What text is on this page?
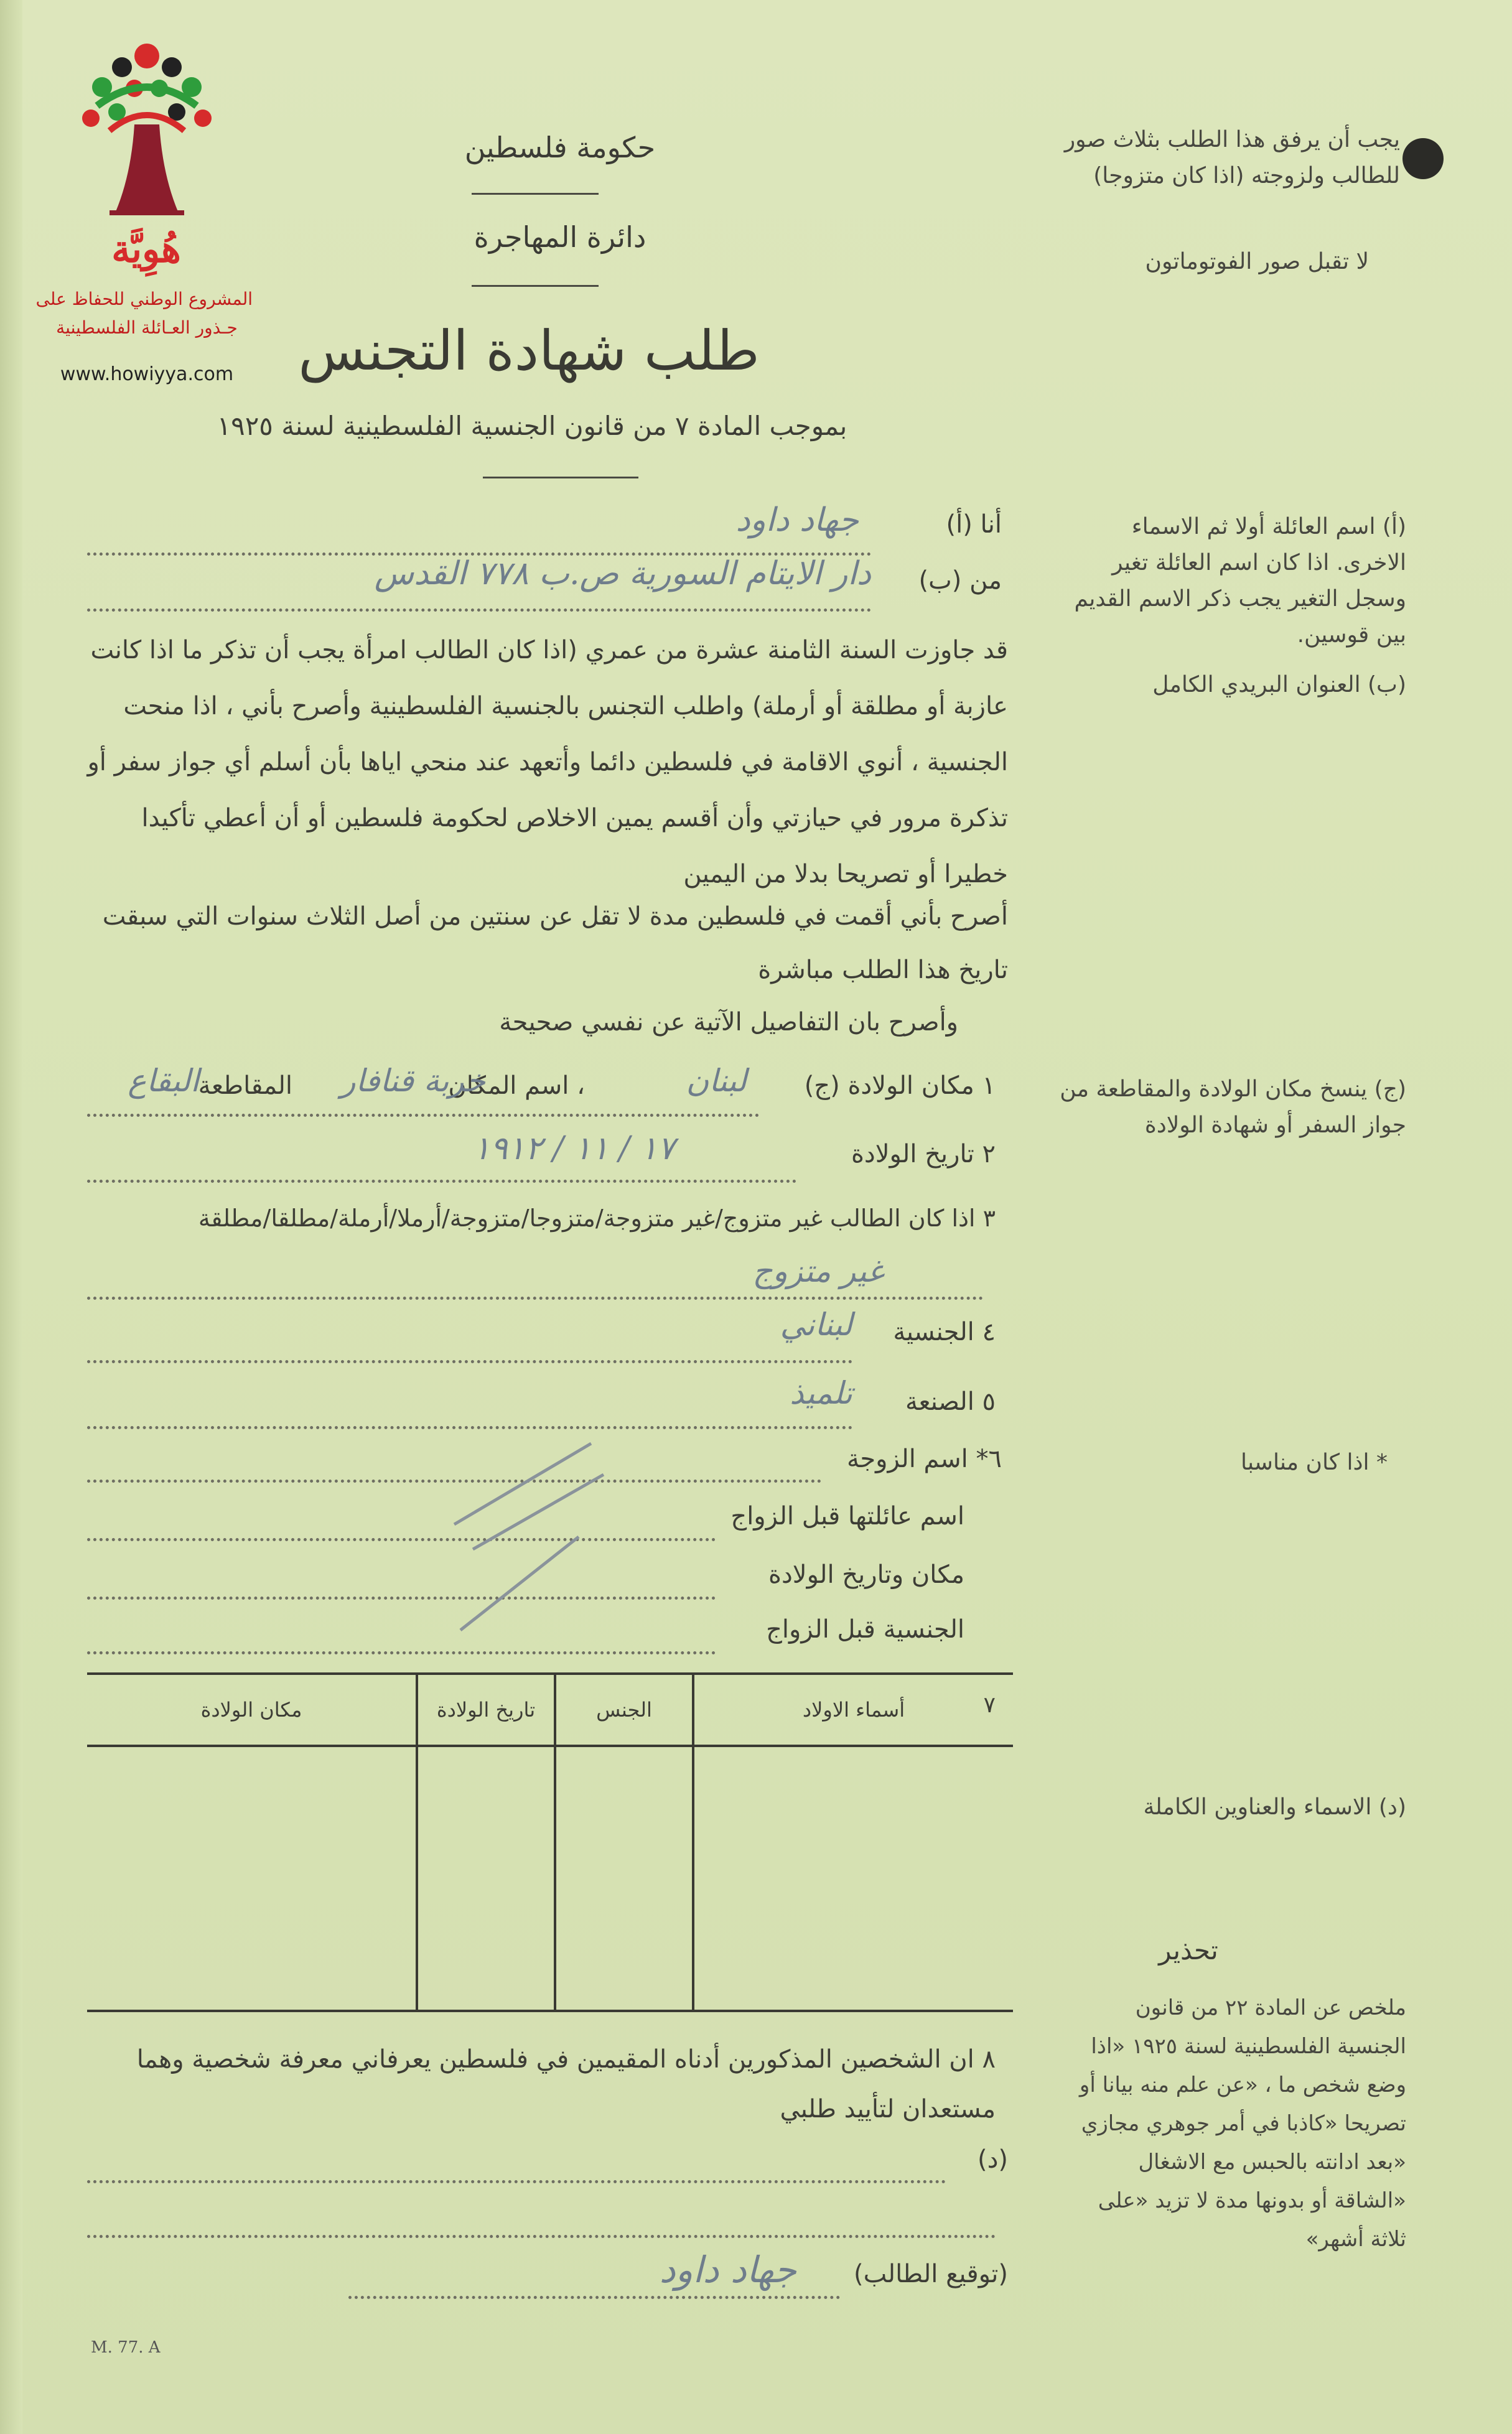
هُوِيَّة
المشروع الوطني للحفاظ على
جـذور العـائلة الفلسطينية
www.howiyya.com
حكومة فلسطين
دائرة المهاجرة
طلب شهادة التجنس
بموجب المادة ٧ من قانون الجنسية الفلسطينية لسنة ١٩٢٥
يجب أن يرفق هذا الطلب بثلاث صور للطالب ولزوجته (اذا كان متزوجا)
لا تقبل صور الفوتوماتون
(أ) اسم العائلة أولا ثم الاسماء الاخرى. اذا كان اسم العائلة تغير وسجل التغير يجب ذكر الاسم القديم بين قوسين.
(ب) العنوان البريدي الكامل
(ج) ينسخ مكان الولادة والمقاطعة من جواز السفر أو شهادة الولادة
* اذا كان مناسبا
(د) الاسماء والعناوين الكاملة
تحذير
ملخص عن المادة ٢٢ من قانون الجنسية الفلسطينية لسنة ١٩٢٥ «اذا وضع شخص ما ، «عن علم منه بيانا أو تصريحا «كاذبا في أمر جوهري مجازي «بعد ادانته بالحبس مع الاشغال «الشاقة أو بدونها مدة لا تزيد «على ثلاثة أشهر»
أنا (أ)
جهاد داود
من (ب)
دار الايتام السورية ص.ب ٧٧٨ القدس
قد جاوزت السنة الثامنة عشرة من عمري (اذا كان الطالب امرأة يجب أن تذكر ما اذا كانت عازبة أو مطلقة أو أرملة) واطلب التجنس بالجنسية الفلسطينية وأصرح بأني ، اذا منحت الجنسية ، أنوي الاقامة في فلسطين دائما وأتعهد عند منحي اياها بأن أسلم أي جواز سفر أو تذكرة مرور في حيازتي وأن أقسم يمين الاخلاص لحكومة فلسطين أو أن أعطي تأكيدا خطيرا أو تصريحا بدلا من اليمين
أصرح بأني أقمت في فلسطين مدة لا تقل عن سنتين من أصل الثلاث سنوات التي سبقت تاريخ هذا الطلب مباشرة
وأصرح بان التفاصيل الآتية عن نفسي صحيحة
١ مكان الولادة (ج)
لبنان
، اسم المكان
خربة قنافار
المقاطعة
البقاع
٢ تاريخ الولادة
١٧ / ١١ / ١٩١٢
٣ اذا كان الطالب غير متزوج/غير متزوجة/متزوجا/متزوجة/أرملا/أرملة/مطلقا/مطلقة
غير متزوج
٤ الجنسية
لبناني
٥ الصنعة
تلميذ
٦* اسم الزوجة
اسم عائلتها قبل الزواج
مكان وتاريخ الولادة
الجنسية قبل الزواج
٧
أسماء الاولاد	الجنس	تاريخ الولادة	مكان الولادة

٨ ان الشخصين المذكورين أدناه المقيمين في فلسطين يعرفاني معرفة شخصية وهما مستعدان لتأييد طلبي
(د)
(توقيع الطالب)
جهاد داود
M. 77. A
